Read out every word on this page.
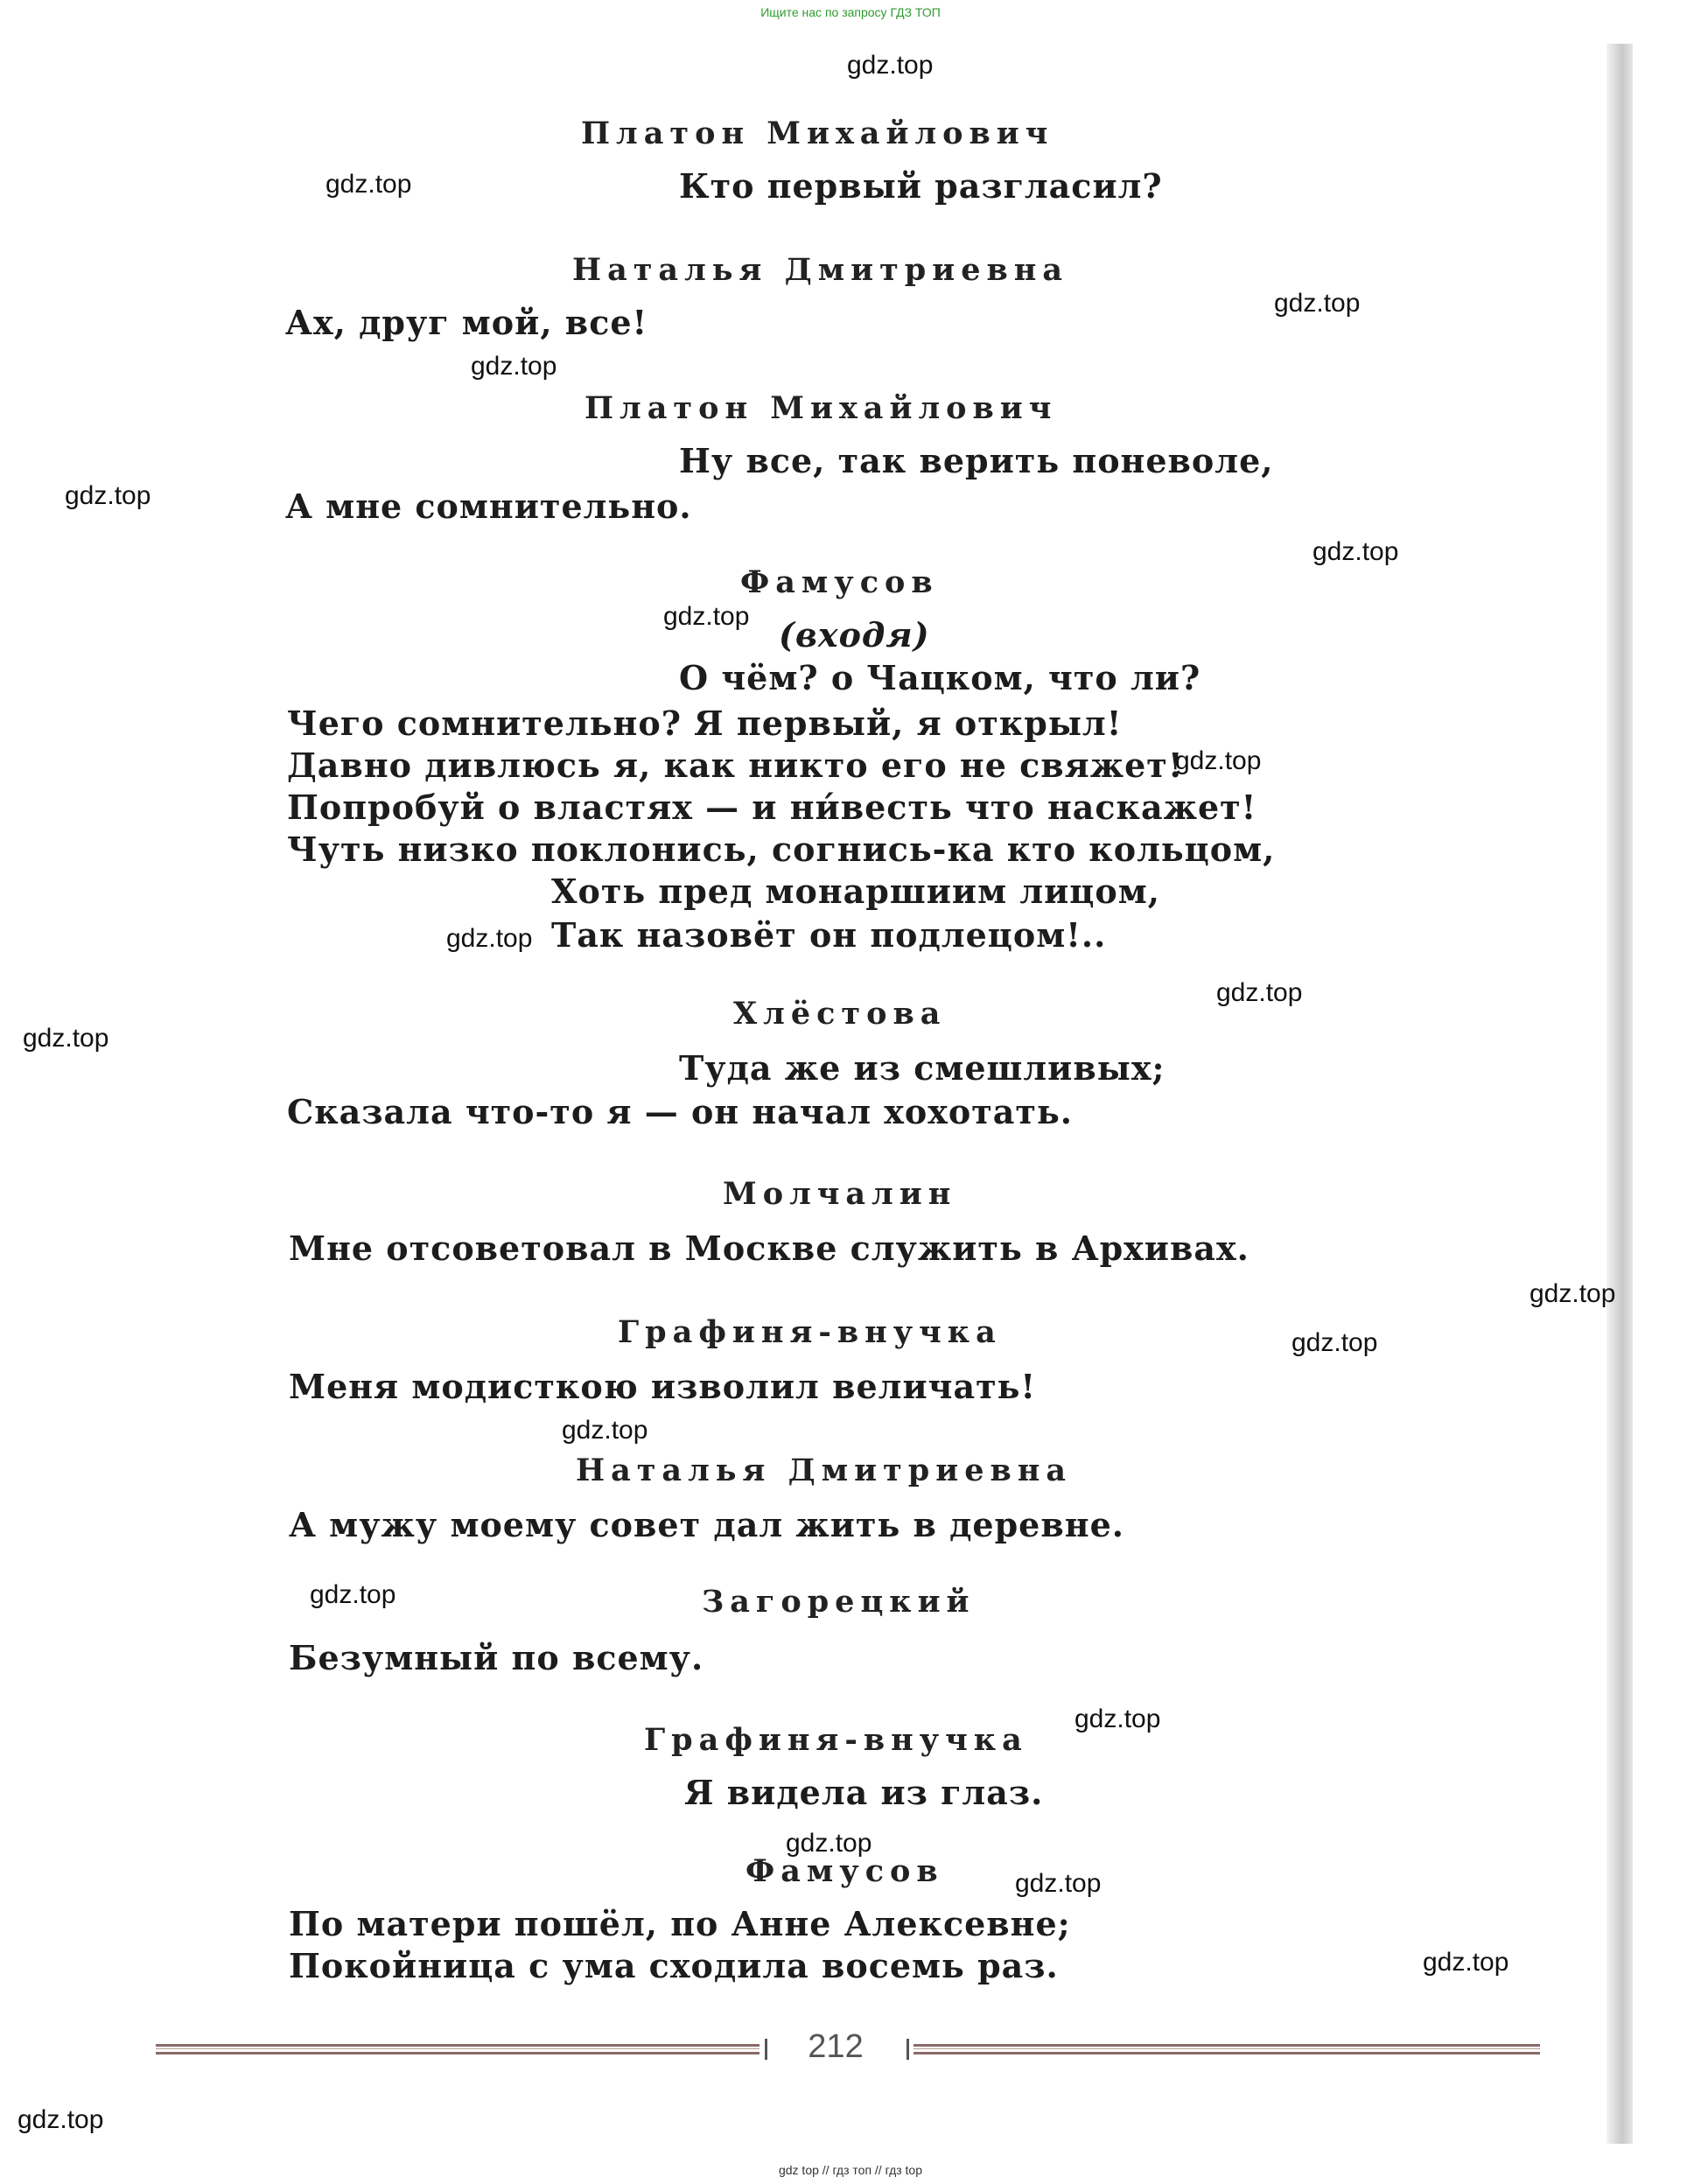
Ищите нас по запросу ГДЗ ТОП
gdz.top
gdz.top
gdz.top
gdz.top
gdz.top
gdz.top
gdz.top
gdz.top
gdz.top
gdz.top
gdz.top
gdz.top
gdz.top
gdz.top
gdz.top
gdz.top
gdz.top
gdz.top
gdz.top
gdz.top
Платон Михайлович
Кто первый разгласил?
Наталья Дмитриевна
Ах, друг мой, все!
Платон Михайлович
Ну все, так верить поневоле,
А мне сомнительно.
Фамусов
(входя)
О чём? о Чацком, что ли?
Чего сомнительно? Я первый, я открыл!
Давно дивлюсь я, как никто его не свяжет!
Попробуй о властях — и ни́весть что наскажет!
Чуть низко поклонись, согнись-ка кто кольцом,
Хоть пред монаршиим лицом,
Так назовёт он подлецом!..
Хлёстова
Туда же из смешливых;
Сказала что-то я — он начал хохотать.
Молчалин
Мне отсоветовал в Москве служить в Архивах.
Графиня-внучка
Меня модисткою изволил величать!
Наталья Дмитриевна
А мужу моему совет дал жить в деревне.
Загорецкий
Безумный по всему.
Графиня-внучка
Я видела из глаз.
Фамусов
По матери пошёл, по Анне Алексевне;
Покойница с ума сходила восемь раз.
212
gdz top // гдз топ // гдз top
